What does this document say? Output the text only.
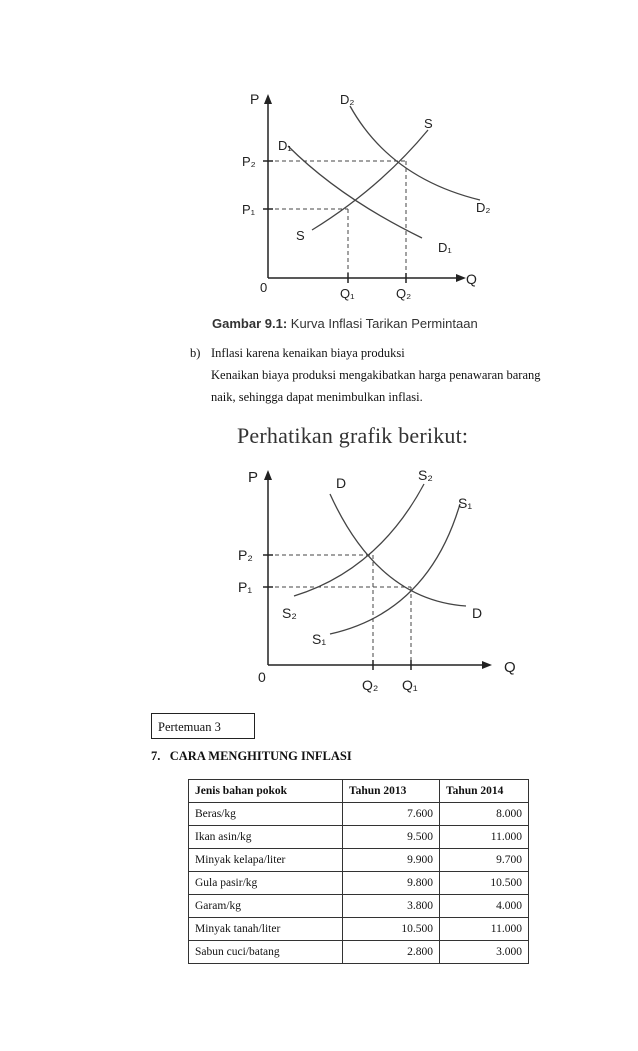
P
Q
0
P₂
P₁
Q₁	Q₂
D₁
D₁
D₂
D₂
S
S
Gambar 9.1: Kurva Inflasi Tarikan Permintaan
b) Inflasi karena kenaikan biaya produksi
Kenaikan biaya produksi mengakibatkan harga penawaran barang
naik, sehingga dapat menimbulkan inflasi.
Perhatikan grafik berikut:
P
Q
0
P₂
P₁
Q₂ Q₁
D
D
S₂
S₂
S₁
S₁
Pertemuan 3
7.   CARA MENGHITUNG INFLASI
Jenis bahan pokok	Tahun 2013	Tahun 2014
Beras/kg	7.600	8.000
Ikan asin/kg	9.500	11.000
Minyak kelapa/liter	9.900	9.700
Gula pasir/kg	9.800	10.500
Garam/kg	3.800	4.000
Minyak tanah/liter	10.500	11.000
Sabun cuci/batang	2.800	3.000
